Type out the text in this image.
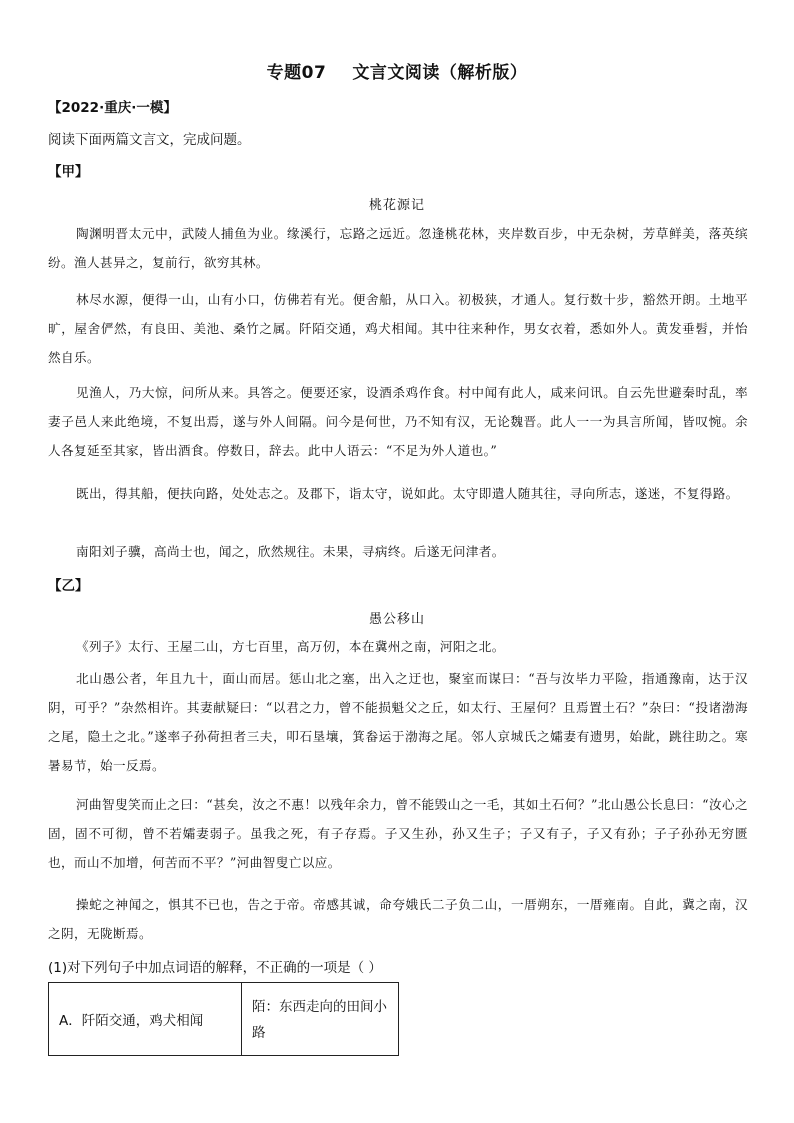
专题07 文言文阅读（解析版）
【2022·重庆·一模】
阅读下面两篇文言文，完成问题。
【甲】
桃花源记
陶渊明晋太元中，武陵人捕鱼为业。缘溪行，忘路之远近。忽逢桃花林，夹岸数百步，中无杂树，芳草鲜美，落英缤纷。渔人甚异之，复前行，欲穷其林。
林尽水源，便得一山，山有小口，仿佛若有光。便舍船，从口入。初极狭，才通人。复行数十步，豁然开朗。土地平旷，屋舍俨然，有良田、美池、桑竹之属。阡陌交通，鸡犬相闻。其中往来种作，男女衣着，悉如外人。黄发垂髫，并怡然自乐。
见渔人，乃大惊，问所从来。具答之。便要还家，设酒杀鸡作食。村中闻有此人，咸来问讯。自云先世避秦时乱，率妻子邑人来此绝境，不复出焉，遂与外人间隔。问今是何世，乃不知有汉，无论魏晋。此人一一为具言所闻，皆叹惋。余人各复延至其家，皆出酒食。停数日，辞去。此中人语云：“不足为外人道也。”
既出，得其船，便扶向路，处处志之。及郡下，诣太守，说如此。太守即遣人随其往，寻向所志，遂迷，不复得路。
南阳刘子骥，高尚士也，闻之，欣然规往。未果，寻病终。后遂无问津者。
【乙】
愚公移山
《列子》太行、王屋二山，方七百里，高万仞，本在冀州之南，河阳之北。
北山愚公者，年且九十，面山而居。惩山北之塞，出入之迂也，聚室而谋曰：“吾与汝毕力平险，指通豫南，达于汉阴，可乎？”杂然相许。其妻献疑曰：“以君之力，曾不能损魁父之丘，如太行、王屋何？且焉置土石？”杂曰：“投诸渤海之尾，隐土之北。”遂率子孙荷担者三夫，叩石垦壤，箕畚运于渤海之尾。邻人京城氏之孀妻有遗男，始龀，跳往助之。寒暑易节，始一反焉。
河曲智叟笑而止之曰：“甚矣，汝之不惠！以残年余力，曾不能毁山之一毛，其如土石何？”北山愚公长息曰：“汝心之固，固不可彻，曾不若孀妻弱子。虽我之死，有子存焉。子又生孙，孙又生子；子又有子，子又有孙；子子孙孙无穷匮也，而山不加增，何苦而不平？”河曲智叟亡以应。
操蛇之神闻之，惧其不已也，告之于帝。帝感其诚，命夸娥氏二子负二山，一厝朔东，一厝雍南。自此，冀之南，汉之阴，无陇断焉。
(1)对下列句子中加点词语的解释，不正确的一项是（ ）
A．阡陌交通，鸡犬相闻	陌：东西走向的田间小路
